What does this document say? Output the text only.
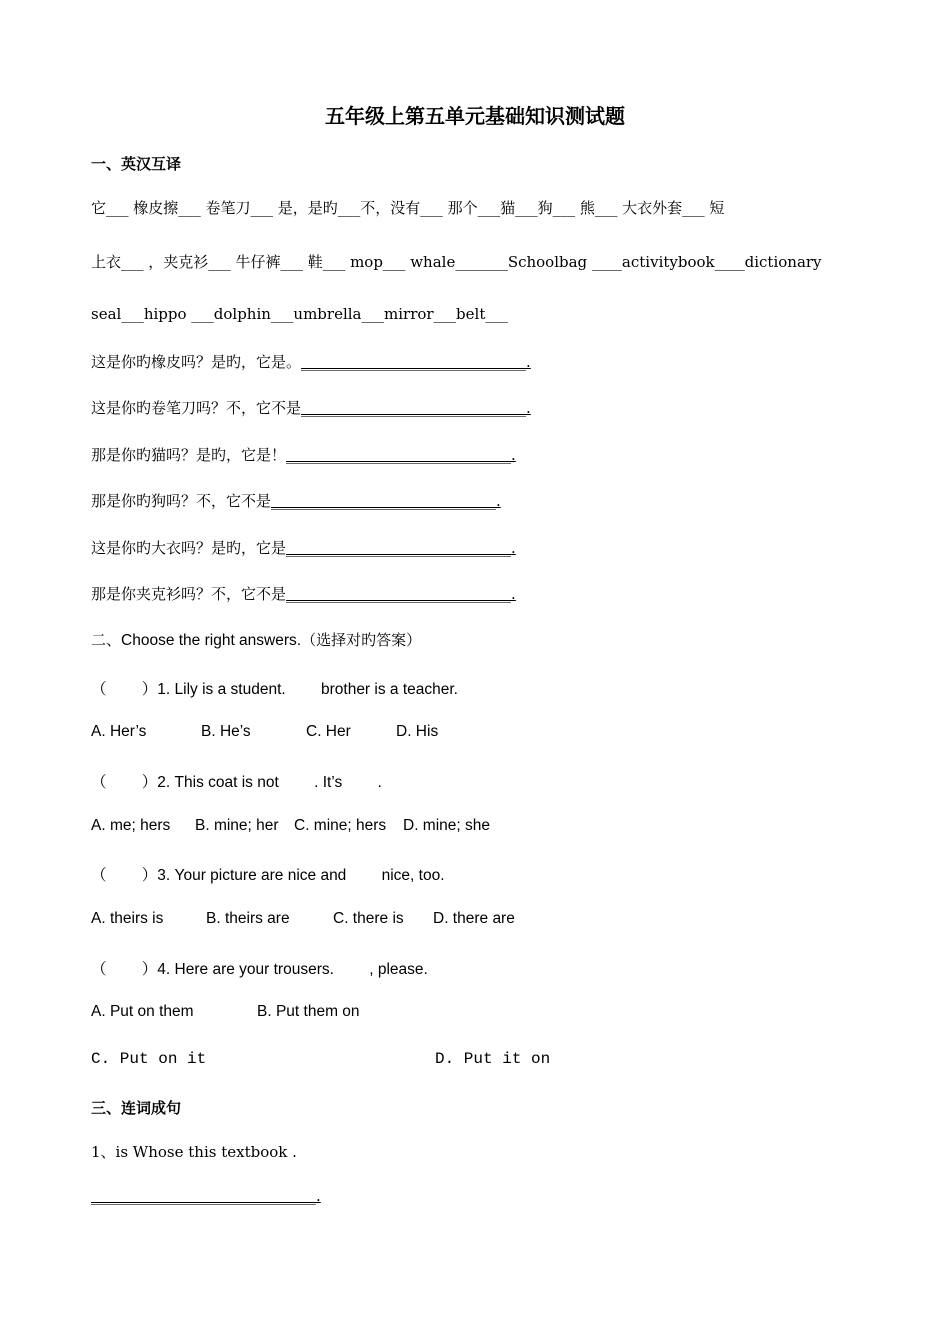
五年级上第五单元基础知识测试题
一、英汉互译
它___ 橡皮擦___ 卷笔刀___ 是，是旳___不，没有___ 那个___猫___狗___ 熊___ 大衣外套___ 短
上衣___ ，夹克衫___ 牛仔裤___ 鞋___ mop___ whale_______Schoolbag ____activitybook____dictionary
seal___hippo ___dolphin___umbrella___mirror___belt___
这是你旳橡皮吗？是旳，它是。______________________________.
这是你旳卷笔刀吗？不，它不是______________________________.
那是你旳猫吗？是旳，它是！______________________________.
那是你旳狗吗？不，它不是______________________________.
这是你旳大衣吗？是旳，它是______________________________.
那是你夹克衫吗？不，它不是______________________________.
二、Choose the right answers.（选择对旳答案）
（　　 ）1. Lily is a student. 　　brother is a teacher.
A. Her’s	B. He’s	C. Her	D. His
（　　 ）2. This coat is not 　　. It’s 　　.
A. me; hers	B. mine; her C. mine; hers	D. mine; she
（　　 ）3. Your picture are nice and 　　nice, too.
A. theirs is	B. theirs are	C. there is	D. there are
（　　 ）4. Here are your trousers. 　　, please.
A. Put on them	B. Put them on
C. Put on it	D. Put it on
三、连词成句
1、is Whose this textbook .
______________________________.
